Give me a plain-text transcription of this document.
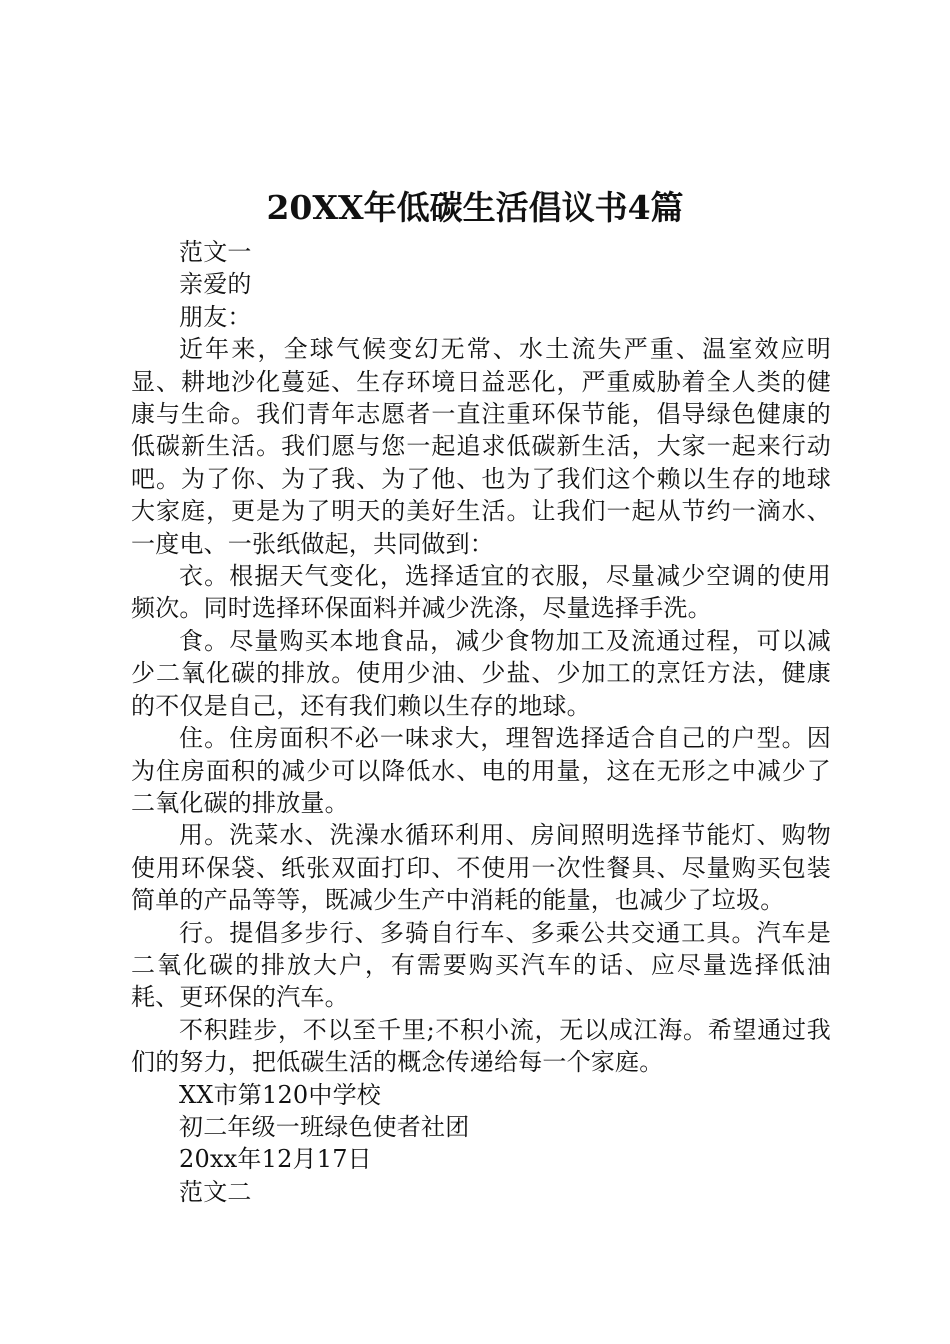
20XX年低碳生活倡议书4篇

范文一

亲爱的

朋友：

近年来，全球气候变幻无常、水土流失严重、温室效应明显、耕地沙化蔓延、生存环境日益恶化，严重威胁着全人类的健康与生命。我们青年志愿者一直注重环保节能，倡导绿色健康的低碳新生活。我们愿与您一起追求低碳新生活，大家一起来行动吧。为了你、为了我、为了他、也为了我们这个赖以生存的地球大家庭，更是为了明天的美好生活。让我们一起从节约一滴水、一度电、一张纸做起，共同做到：

衣。根据天气变化，选择适宜的衣服，尽量减少空调的使用频次。同时选择环保面料并减少洗涤，尽量选择手洗。

食。尽量购买本地食品，减少食物加工及流通过程，可以减少二氧化碳的排放。使用少油、少盐、少加工的烹饪方法，健康的不仅是自己，还有我们赖以生存的地球。

住。住房面积不必一味求大，理智选择适合自己的户型。因为住房面积的减少可以降低水、电的用量，这在无形之中减少了二氧化碳的排放量。

用。洗菜水、洗澡水循环利用、房间照明选择节能灯、购物使用环保袋、纸张双面打印、不使用一次性餐具、尽量购买包装简单的产品等等，既减少生产中消耗的能量，也减少了垃圾。

行。提倡多步行、多骑自行车、多乘公共交通工具。汽车是二氧化碳的排放大户，有需要购买汽车的话、应尽量选择低油耗、更环保的汽车。

不积跬步，不以至千里;不积小流，无以成江海。希望通过我们的努力，把低碳生活的概念传递给每一个家庭。

XX市第120中学校

初二年级一班绿色使者社团

20xx年12月17日

范文二
